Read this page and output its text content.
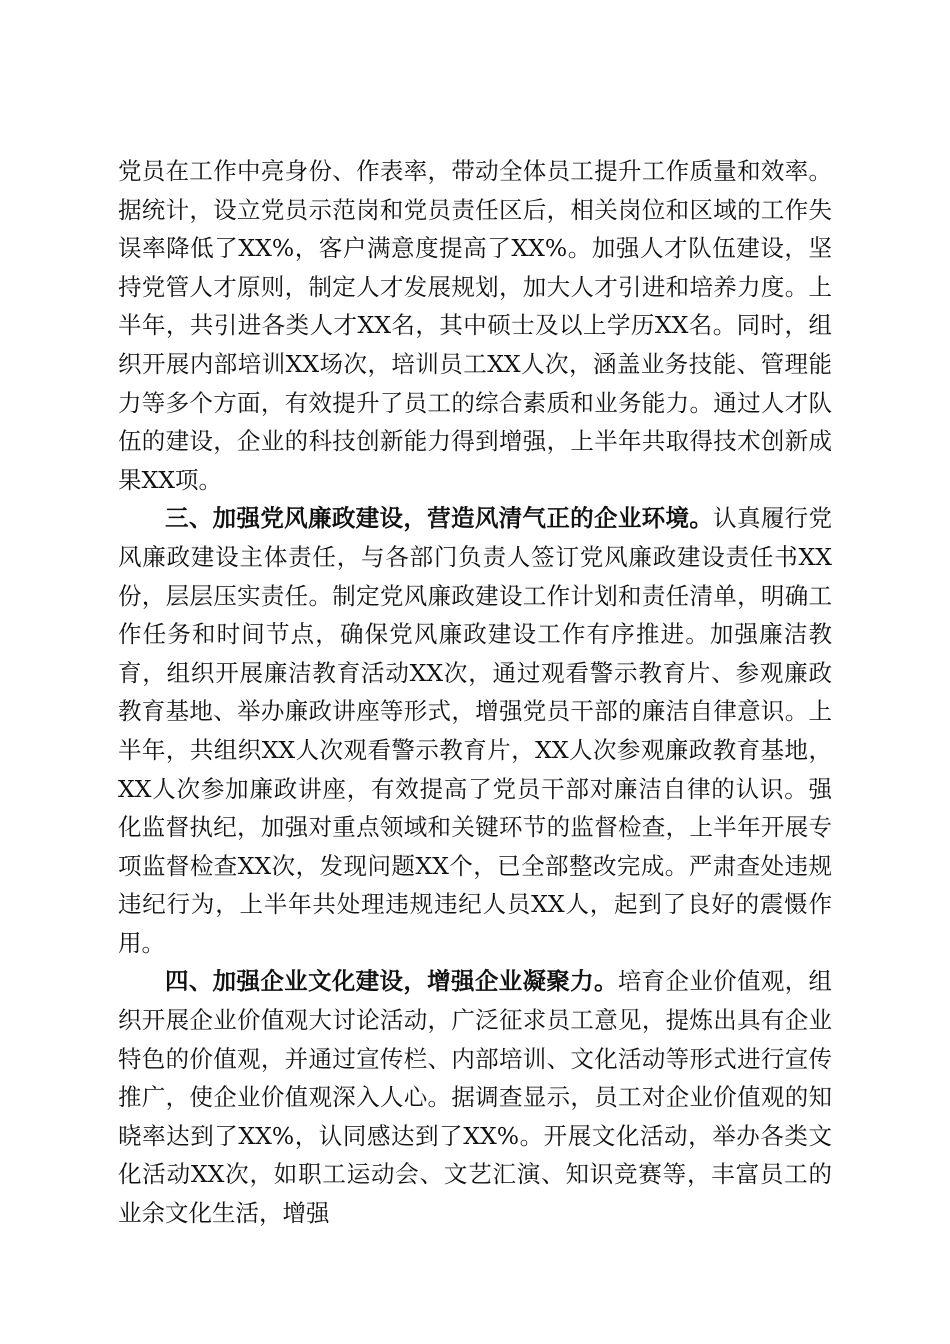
党员在工作中亮身份、作表率，带动全体员工提升工作质量和效率。据统计，设立党员示范岗和党员责任区后，相关岗位和区域的工作失误率降低了XX%，客户满意度提高了XX%。加强人才队伍建设，坚持党管人才原则，制定人才发展规划，加大人才引进和培养力度。上半年，共引进各类人才XX名，其中硕士及以上学历XX名。同时，组织开展内部培训XX场次，培训员工XX人次，涵盖业务技能、管理能力等多个方面，有效提升了员工的综合素质和业务能力。通过人才队伍的建设，企业的科技创新能力得到增强，上半年共取得技术创新成果XX项。

三、加强党风廉政建设，营造风清气正的企业环境。认真履行党风廉政建设主体责任，与各部门负责人签订党风廉政建设责任书XX份，层层压实责任。制定党风廉政建设工作计划和责任清单，明确工作任务和时间节点，确保党风廉政建设工作有序推进。加强廉洁教育，组织开展廉洁教育活动XX次，通过观看警示教育片、参观廉政教育基地、举办廉政讲座等形式，增强党员干部的廉洁自律意识。上半年，共组织XX人次观看警示教育片，XX人次参观廉政教育基地，XX人次参加廉政讲座，有效提高了党员干部对廉洁自律的认识。强化监督执纪，加强对重点领域和关键环节的监督检查，上半年开展专项监督检查XX次，发现问题XX个，已全部整改完成。严肃查处违规违纪行为，上半年共处理违规违纪人员XX人，起到了良好的震慑作用。

四、加强企业文化建设，增强企业凝聚力。培育企业价值观，组织开展企业价值观大讨论活动，广泛征求员工意见，提炼出具有企业特色的价值观，并通过宣传栏、内部培训、文化活动等形式进行宣传推广，使企业价值观深入人心。据调查显示，员工对企业价值观的知晓率达到了XX%，认同感达到了XX%。开展文化活动，举办各类文化活动XX次，如职工运动会、文艺汇演、知识竞赛等，丰富员工的业余文化生活，增强
